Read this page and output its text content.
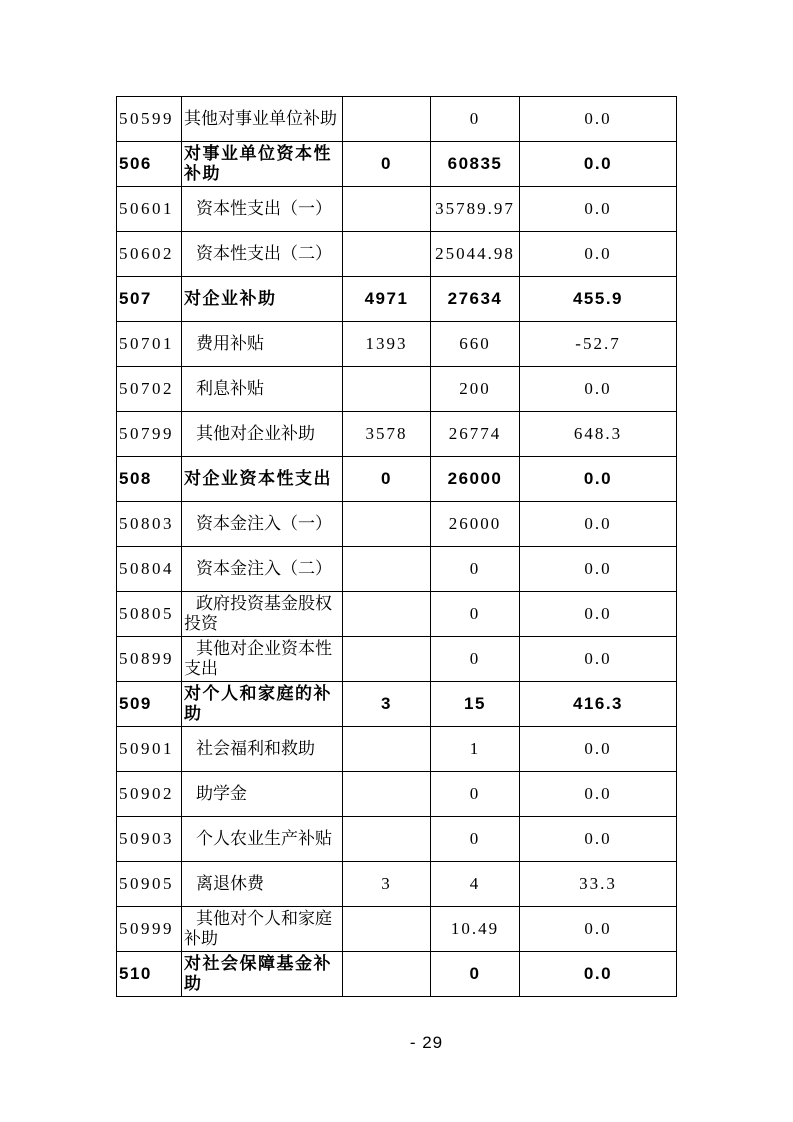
50599	其他对事业单位补助		0	0.0
506	对事业单位资本性补助	0	60835	0.0
50601	资本性支出（一）		35789.97	0.0
50602	资本性支出（二）		25044.98	0.0
507	对企业补助	4971	27634	455.9
50701	费用补贴	1393	660	-52.7
50702	利息补贴		200	0.0
50799	其他对企业补助	3578	26774	648.3
508	对企业资本性支出	0	26000	0.0
50803	资本金注入（一）		26000	0.0
50804	资本金注入（二）		0	0.0
50805	政府投资基金股权投资		0	0.0
50899	其他对企业资本性支出		0	0.0
509	对个人和家庭的补助	3	15	416.3
50901	社会福利和救助		1	0.0
50902	助学金		0	0.0
50903	个人农业生产补贴		0	0.0
50905	离退休费	3	4	33.3
50999	其他对个人和家庭补助		10.49	0.0
510	对社会保障基金补助		0	0.0
- 29
